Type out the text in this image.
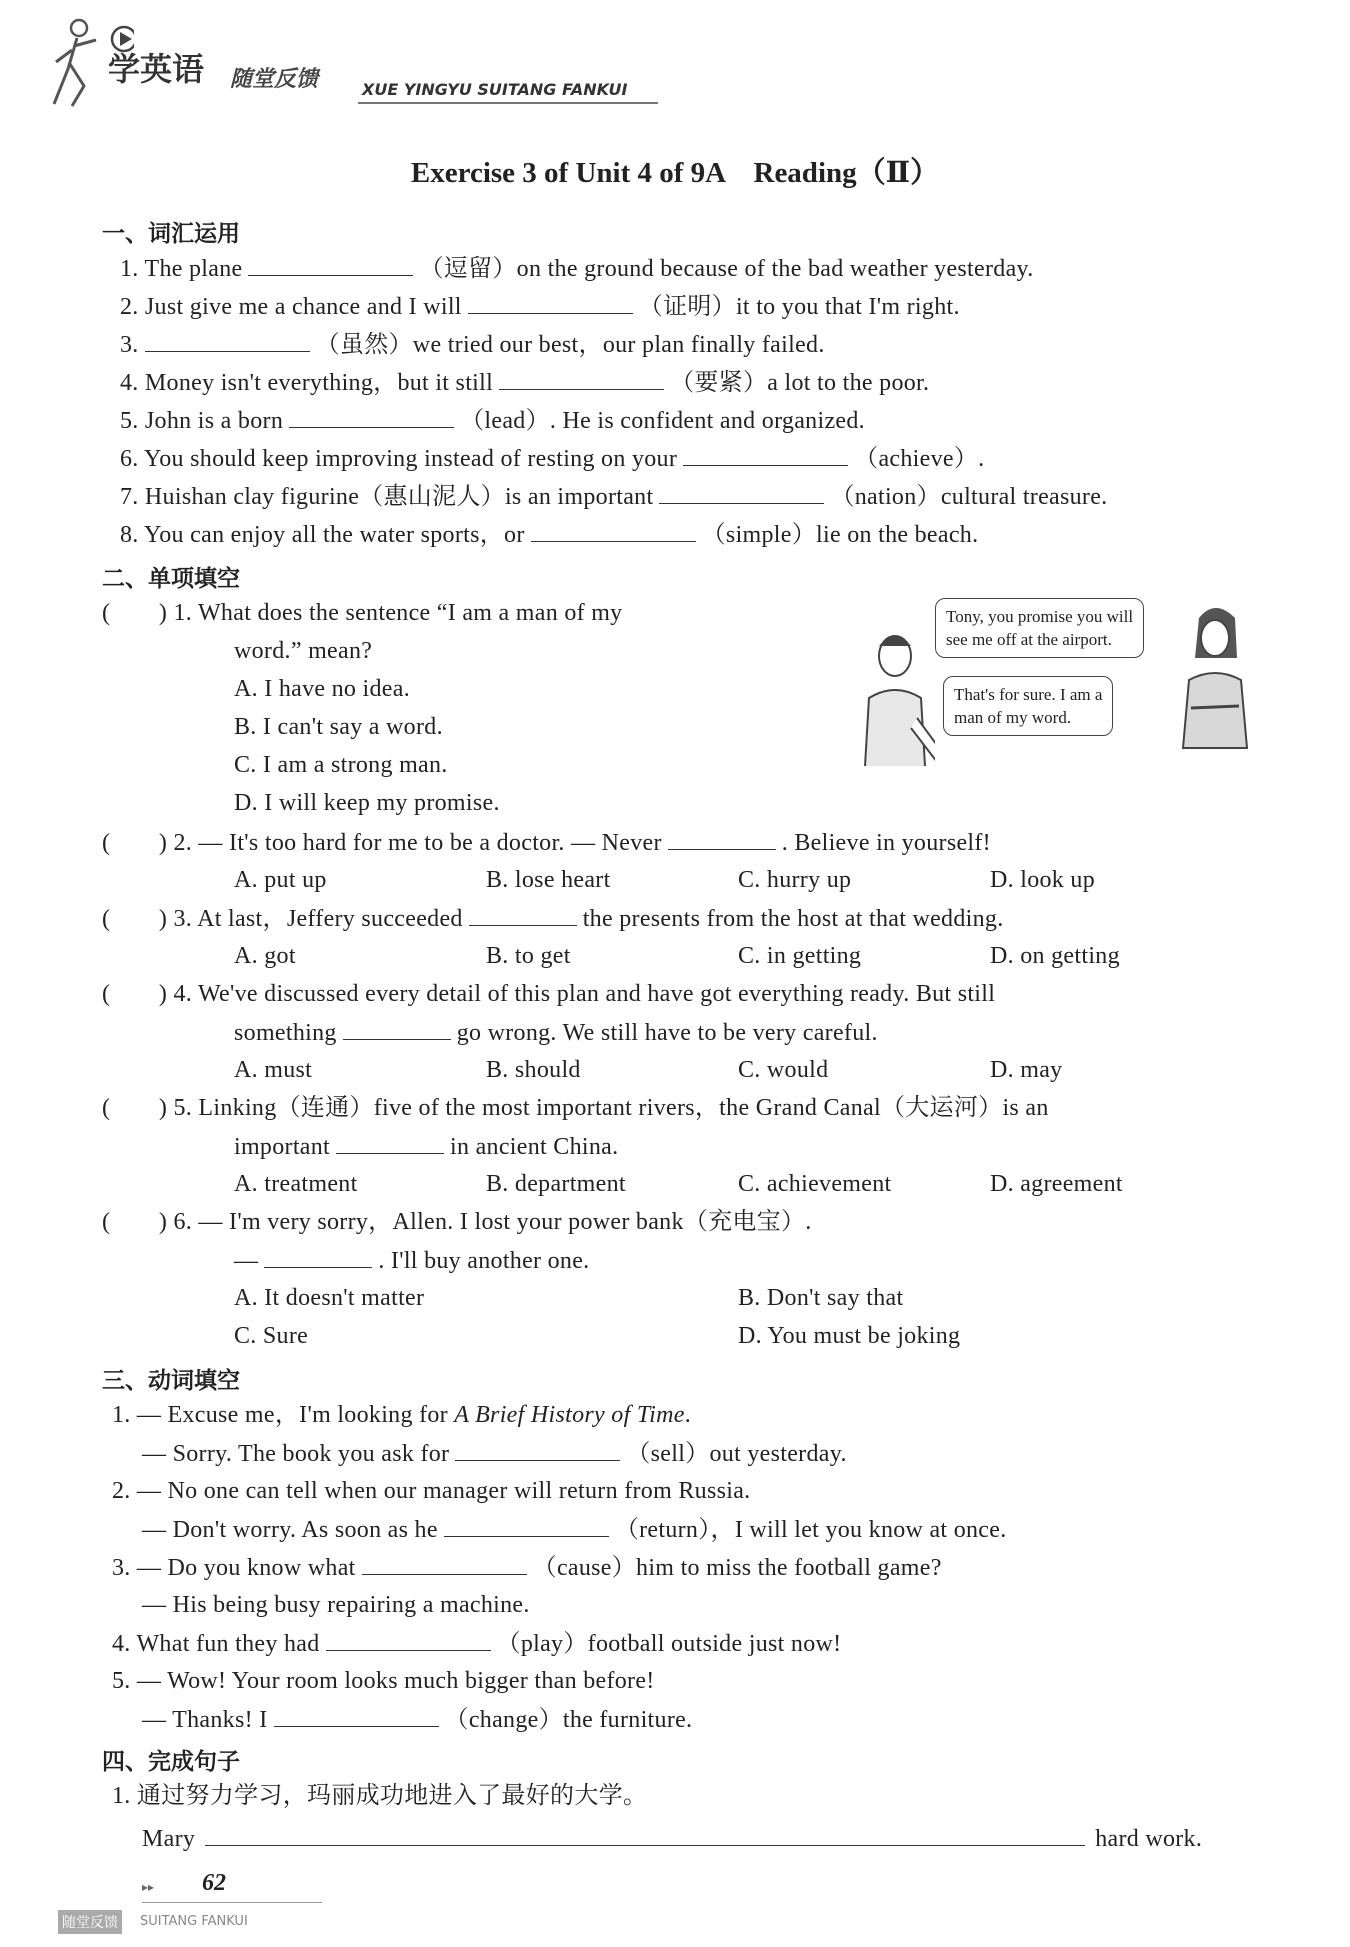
学英语 随堂反馈	XUE YINGYU SUITANG FANKUI
Exercise 3 of Unit 4 of 9A　Reading（Ⅱ）
一、词汇运用
1. The plane	（逗留）on the ground because of the bad weather yesterday.
2. Just give me a chance and I will	（证明）it to you that I'm right.
3.	（虽然）we tried our best，our plan finally failed.
4. Money isn't everything，but it still	（要紧）a lot to the poor.
5. John is a born	（lead）. He is confident and organized.
6. You should keep improving instead of resting on your	（achieve）.
7. Huishan clay figurine（惠山泥人）is an important	（nation）cultural treasure.
8. You can enjoy all the water sports，or	（simple）lie on the beach.
二、单项填空
(　　) 1. What does the sentence “I am a man of my
word.” mean?
A. I have no idea.
B. I can't say a word.
C. I am a strong man.
D. I will keep my promise.
Tony, you promise you will
see me off at the airport.
That's for sure. I am a
man of my word.
(　　) 2. — It's too hard for me to be a doctor. — Never	. Believe in yourself!
A. put up	B. lose heart	C. hurry up	D. look up
(　　) 3. At last，Jeffery succeeded	the presents from the host at that wedding.
A. got	B. to get	C. in getting	D. on getting
(　　) 4. We've discussed every detail of this plan and have got everything ready. But still
something	go wrong. We still have to be very careful.
A. must	B. should	C. would	D. may
(　　) 5. Linking（连通）five of the most important rivers，the Grand Canal（大运河）is an
important	in ancient China.
A. treatment	B. department	C. achievement	D. agreement
(　　) 6. — I'm very sorry，Allen. I lost your power bank（充电宝）.
—	. I'll buy another one.
A. It doesn't matter	B. Don't say that
C. Sure	D. You must be joking
三、动词填空
1. — Excuse me，I'm looking for A Brief History of Time.
— Sorry. The book you ask for	（sell）out yesterday.
2. — No one can tell when our manager will return from Russia.
— Don't worry. As soon as he	（return），I will let you know at once.
3. — Do you know what	（cause）him to miss the football game?
— His being busy repairing a machine.
4. What fun they had	（play）football outside just now!
5. — Wow! Your room looks much bigger than before!
— Thanks! I	（change）the furniture.
四、完成句子
1. 通过努力学习，玛丽成功地进入了最好的大学。
Mary	hard work.
▸▸ 62
随堂反馈	SUITANG FANKUI
